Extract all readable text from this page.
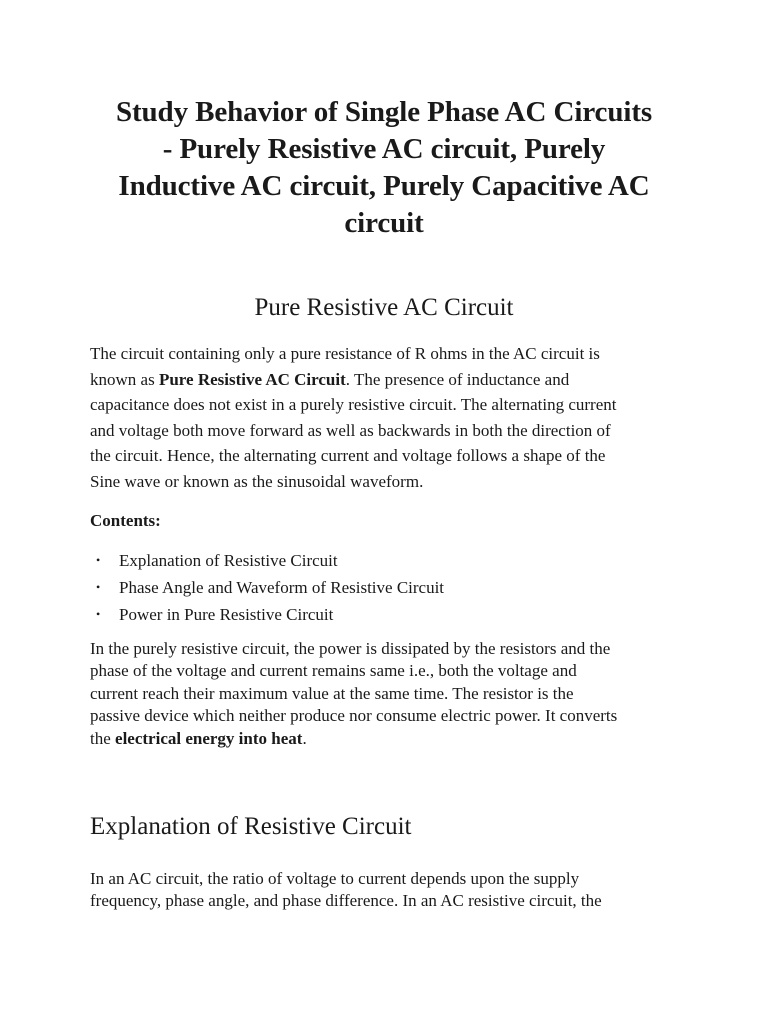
Study Behavior of Single Phase AC Circuits
- Purely Resistive AC circuit, Purely
Inductive AC circuit, Purely Capacitive AC
circuit
Pure Resistive AC Circuit

The circuit containing only a pure resistance of R ohms in the AC circuit is
known as Pure Resistive AC Circuit. The presence of inductance and
capacitance does not exist in a purely resistive circuit. The alternating current
and voltage both move forward as well as backwards in both the direction of
the circuit. Hence, the alternating current and voltage follows a shape of the
Sine wave or known as the sinusoidal waveform.

Contents:

• Explanation of Resistive Circuit
• Phase Angle and Waveform of Resistive Circuit
• Power in Pure Resistive Circuit

In the purely resistive circuit, the power is dissipated by the resistors and the
phase of the voltage and current remains same i.e., both the voltage and
current reach their maximum value at the same time. The resistor is the
passive device which neither produce nor consume electric power. It converts
the electrical energy into heat.

Explanation of Resistive Circuit

In an AC circuit, the ratio of voltage to current depends upon the supply
frequency, phase angle, and phase difference. In an AC resistive circuit, the
